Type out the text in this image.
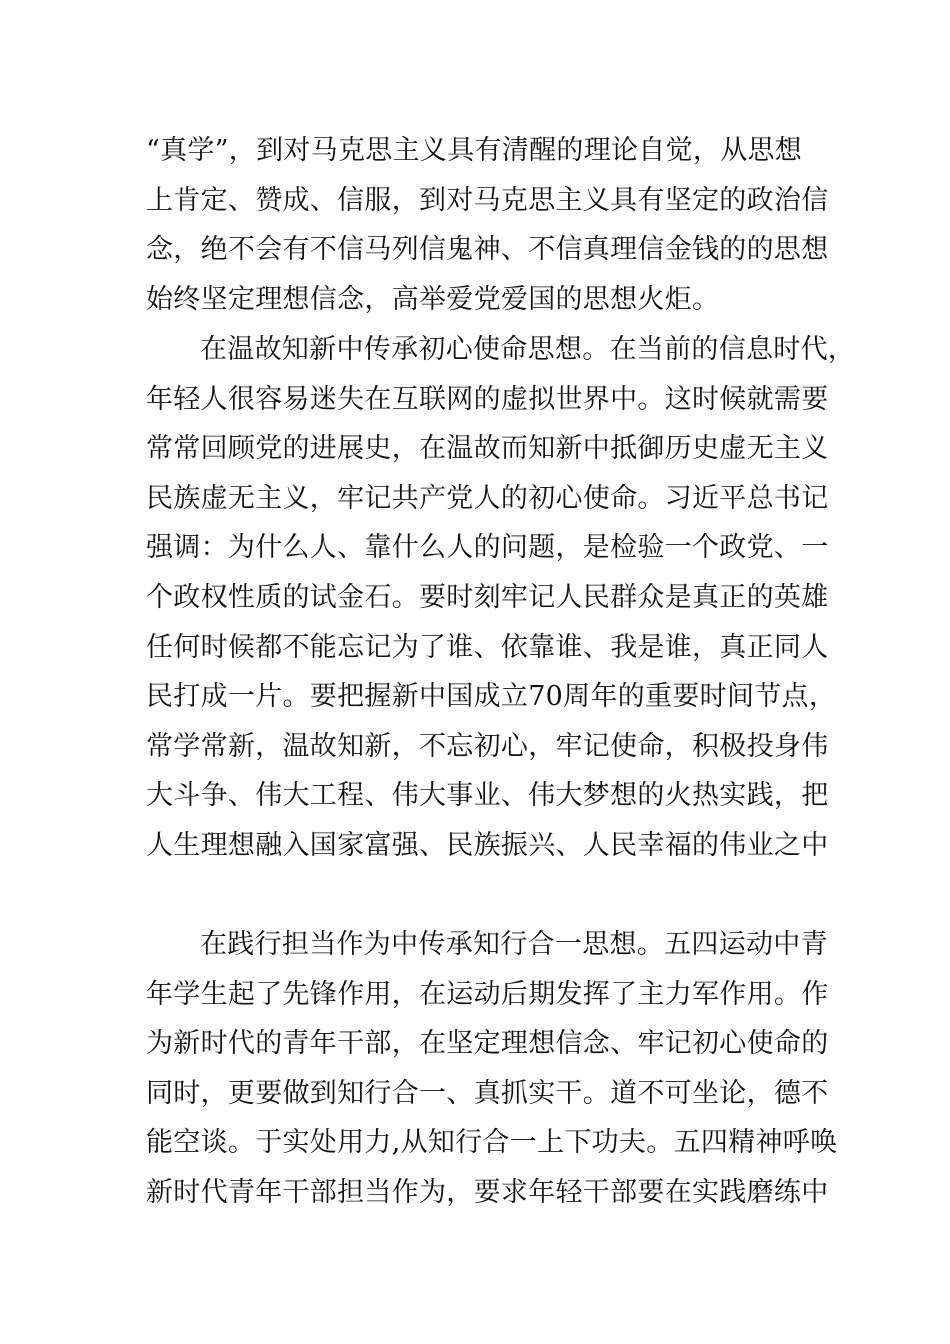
“真学”，到对马克思主义具有清醒的理论自觉，从思想
上肯定、赞成、信服，到对马克思主义具有坚定的政治信
念，绝不会有不信马列信鬼神、不信真理信金钱的的思想
始终坚定理想信念，高举爱党爱国的思想火炬。
在温故知新中传承初心使命思想。在当前的信息时代，
年轻人很容易迷失在互联网的虚拟世界中。这时候就需要
常常回顾党的进展史，在温故而知新中抵御历史虚无主义
民族虚无主义，牢记共产党人的初心使命。习近平总书记
强调：为什么人、靠什么人的问题，是检验一个政党、一
个政权性质的试金石。要时刻牢记人民群众是真正的英雄
任何时候都不能忘记为了谁、依靠谁、我是谁，真正同人
民打成一片。要把握新中国成立70周年的重要时间节点，
常学常新，温故知新，不忘初心，牢记使命，积极投身伟
大斗争、伟大工程、伟大事业、伟大梦想的火热实践，把
人生理想融入国家富强、民族振兴、人民幸福的伟业之中
在践行担当作为中传承知行合一思想。五四运动中青
年学生起了先锋作用，在运动后期发挥了主力军作用。作
为新时代的青年干部，在坚定理想信念、牢记初心使命的
同时，更要做到知行合一、真抓实干。道不可坐论，德不
能空谈。于实处用力,从知行合一上下功夫。五四精神呼唤
新时代青年干部担当作为，要求年轻干部要在实践磨练中
